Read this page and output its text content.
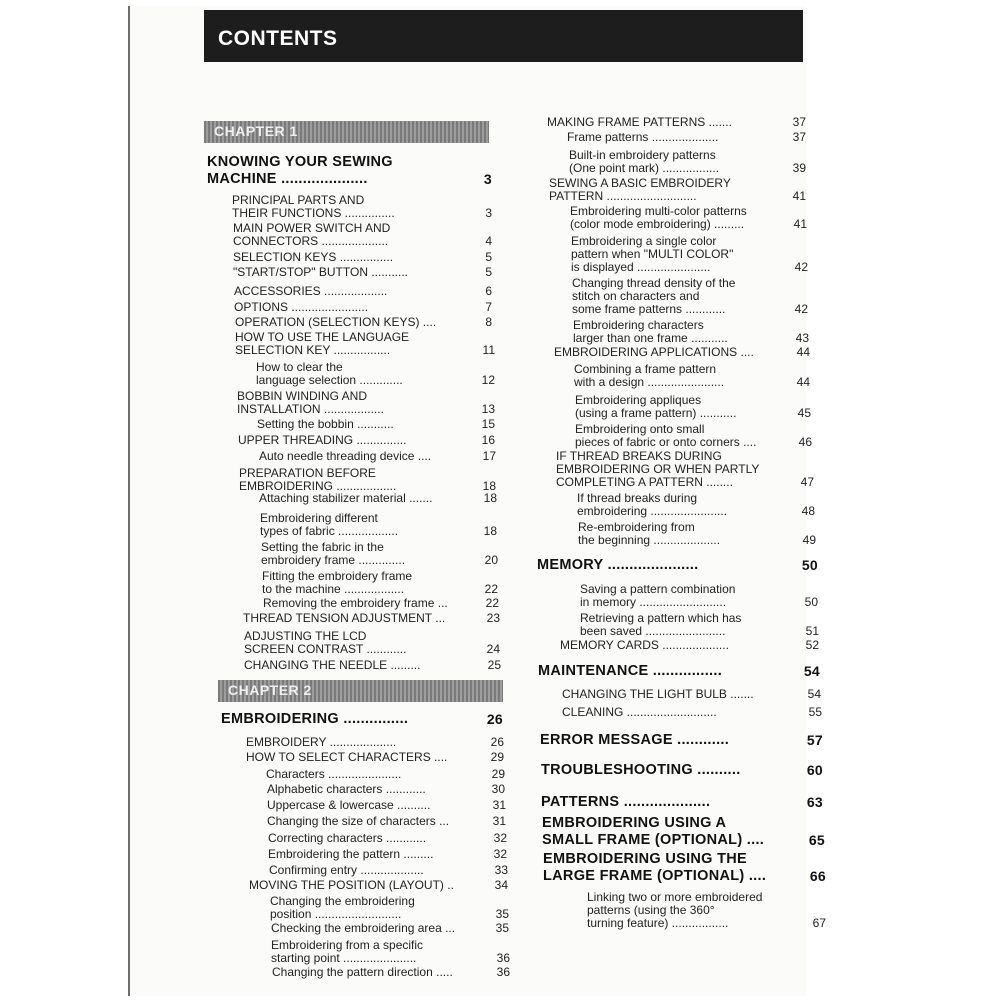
CONTENTS
CHAPTER 1
CHAPTER 2
KNOWING YOUR SEWING
MACHINE ....................	3
PRINCIPAL PARTS AND
THEIR FUNCTIONS ...............	3
MAIN POWER SWITCH AND
CONNECTORS ....................	4
SELECTION KEYS ................	5
"START/STOP" BUTTON ...........	5
ACCESSORIES ...................	6
OPTIONS .......................	7
OPERATION (SELECTION KEYS) ....	8
HOW TO USE THE LANGUAGE
SELECTION KEY .................	11
How to clear the
language selection .............	12
BOBBIN WINDING AND
INSTALLATION ..................	13
Setting the bobbin ...........	15
UPPER THREADING ...............	16
Auto needle threading device ....	17
PREPARATION BEFORE
EMBROIDERING ..................	18
Attaching stabilizer material .......	18
Embroidering different
types of fabric ..................	18
Setting the fabric in the
embroidery frame ..............	20
Fitting the embroidery frame
to the machine ..................	22
Removing the embroidery frame ...	22
THREAD TENSION ADJUSTMENT ...	23
ADJUSTING THE LCD
SCREEN CONTRAST ............	24
CHANGING THE NEEDLE .........	25
EMBROIDERING ...............	26
EMBROIDERY ....................	26
HOW TO SELECT CHARACTERS ....	29
Characters ......................	29
Alphabetic characters ............	30
Uppercase & lowercase ..........	31
Changing the size of characters ...	31
Correcting characters ............	32
Embroidering the pattern .........	32
Confirming entry ...................	33
MOVING THE POSITION (LAYOUT) ..	34
Changing the embroidering
position ..........................	35
Checking the embroidering area ...	35
Embroidering from a specific
starting point ......................	36
Changing the pattern direction .....	36
MAKING FRAME PATTERNS .......	37
Frame patterns ....................	37
Built-in embroidery patterns
(One point mark) .................	39
SEWING A BASIC EMBROIDERY
PATTERN ...........................	41
Embroidering multi-color patterns
(color mode embroidering) .........	41
Embroidering a single color
pattern when "MULTI COLOR"
is displayed ......................	42
Changing thread density of the
stitch on characters and
some frame patterns ............	42
Embroidering characters
larger than one frame ...........	43
EMBROIDERING APPLICATIONS ....	44
Combining a frame pattern
with a design .......................	44
Embroidering appliques
(using a frame pattern) ...........	45
Embroidering onto small
pieces of fabric or onto corners ....	46
IF THREAD BREAKS DURING
EMBROIDERING OR WHEN PARTLY
COMPLETING A PATTERN ........	47
If thread breaks during
embroidering .......................	48
Re-embroidering from
the beginning ....................	49
MEMORY .....................	50
Saving a pattern combination
in memory ..........................	50
Retrieving a pattern which has
been saved ........................	51
MEMORY CARDS ....................	52
MAINTENANCE ................	54
CHANGING THE LIGHT BULB .......	54
CLEANING ...........................	55
ERROR MESSAGE ............	57
TROUBLESHOOTING ..........	60
PATTERNS ....................	63
EMBROIDERING USING A
SMALL FRAME (OPTIONAL) ....	65
EMBROIDERING USING THE
LARGE FRAME (OPTIONAL) ....	66
Linking two or more embroidered
patterns (using the 360°
turning feature) .................	67
